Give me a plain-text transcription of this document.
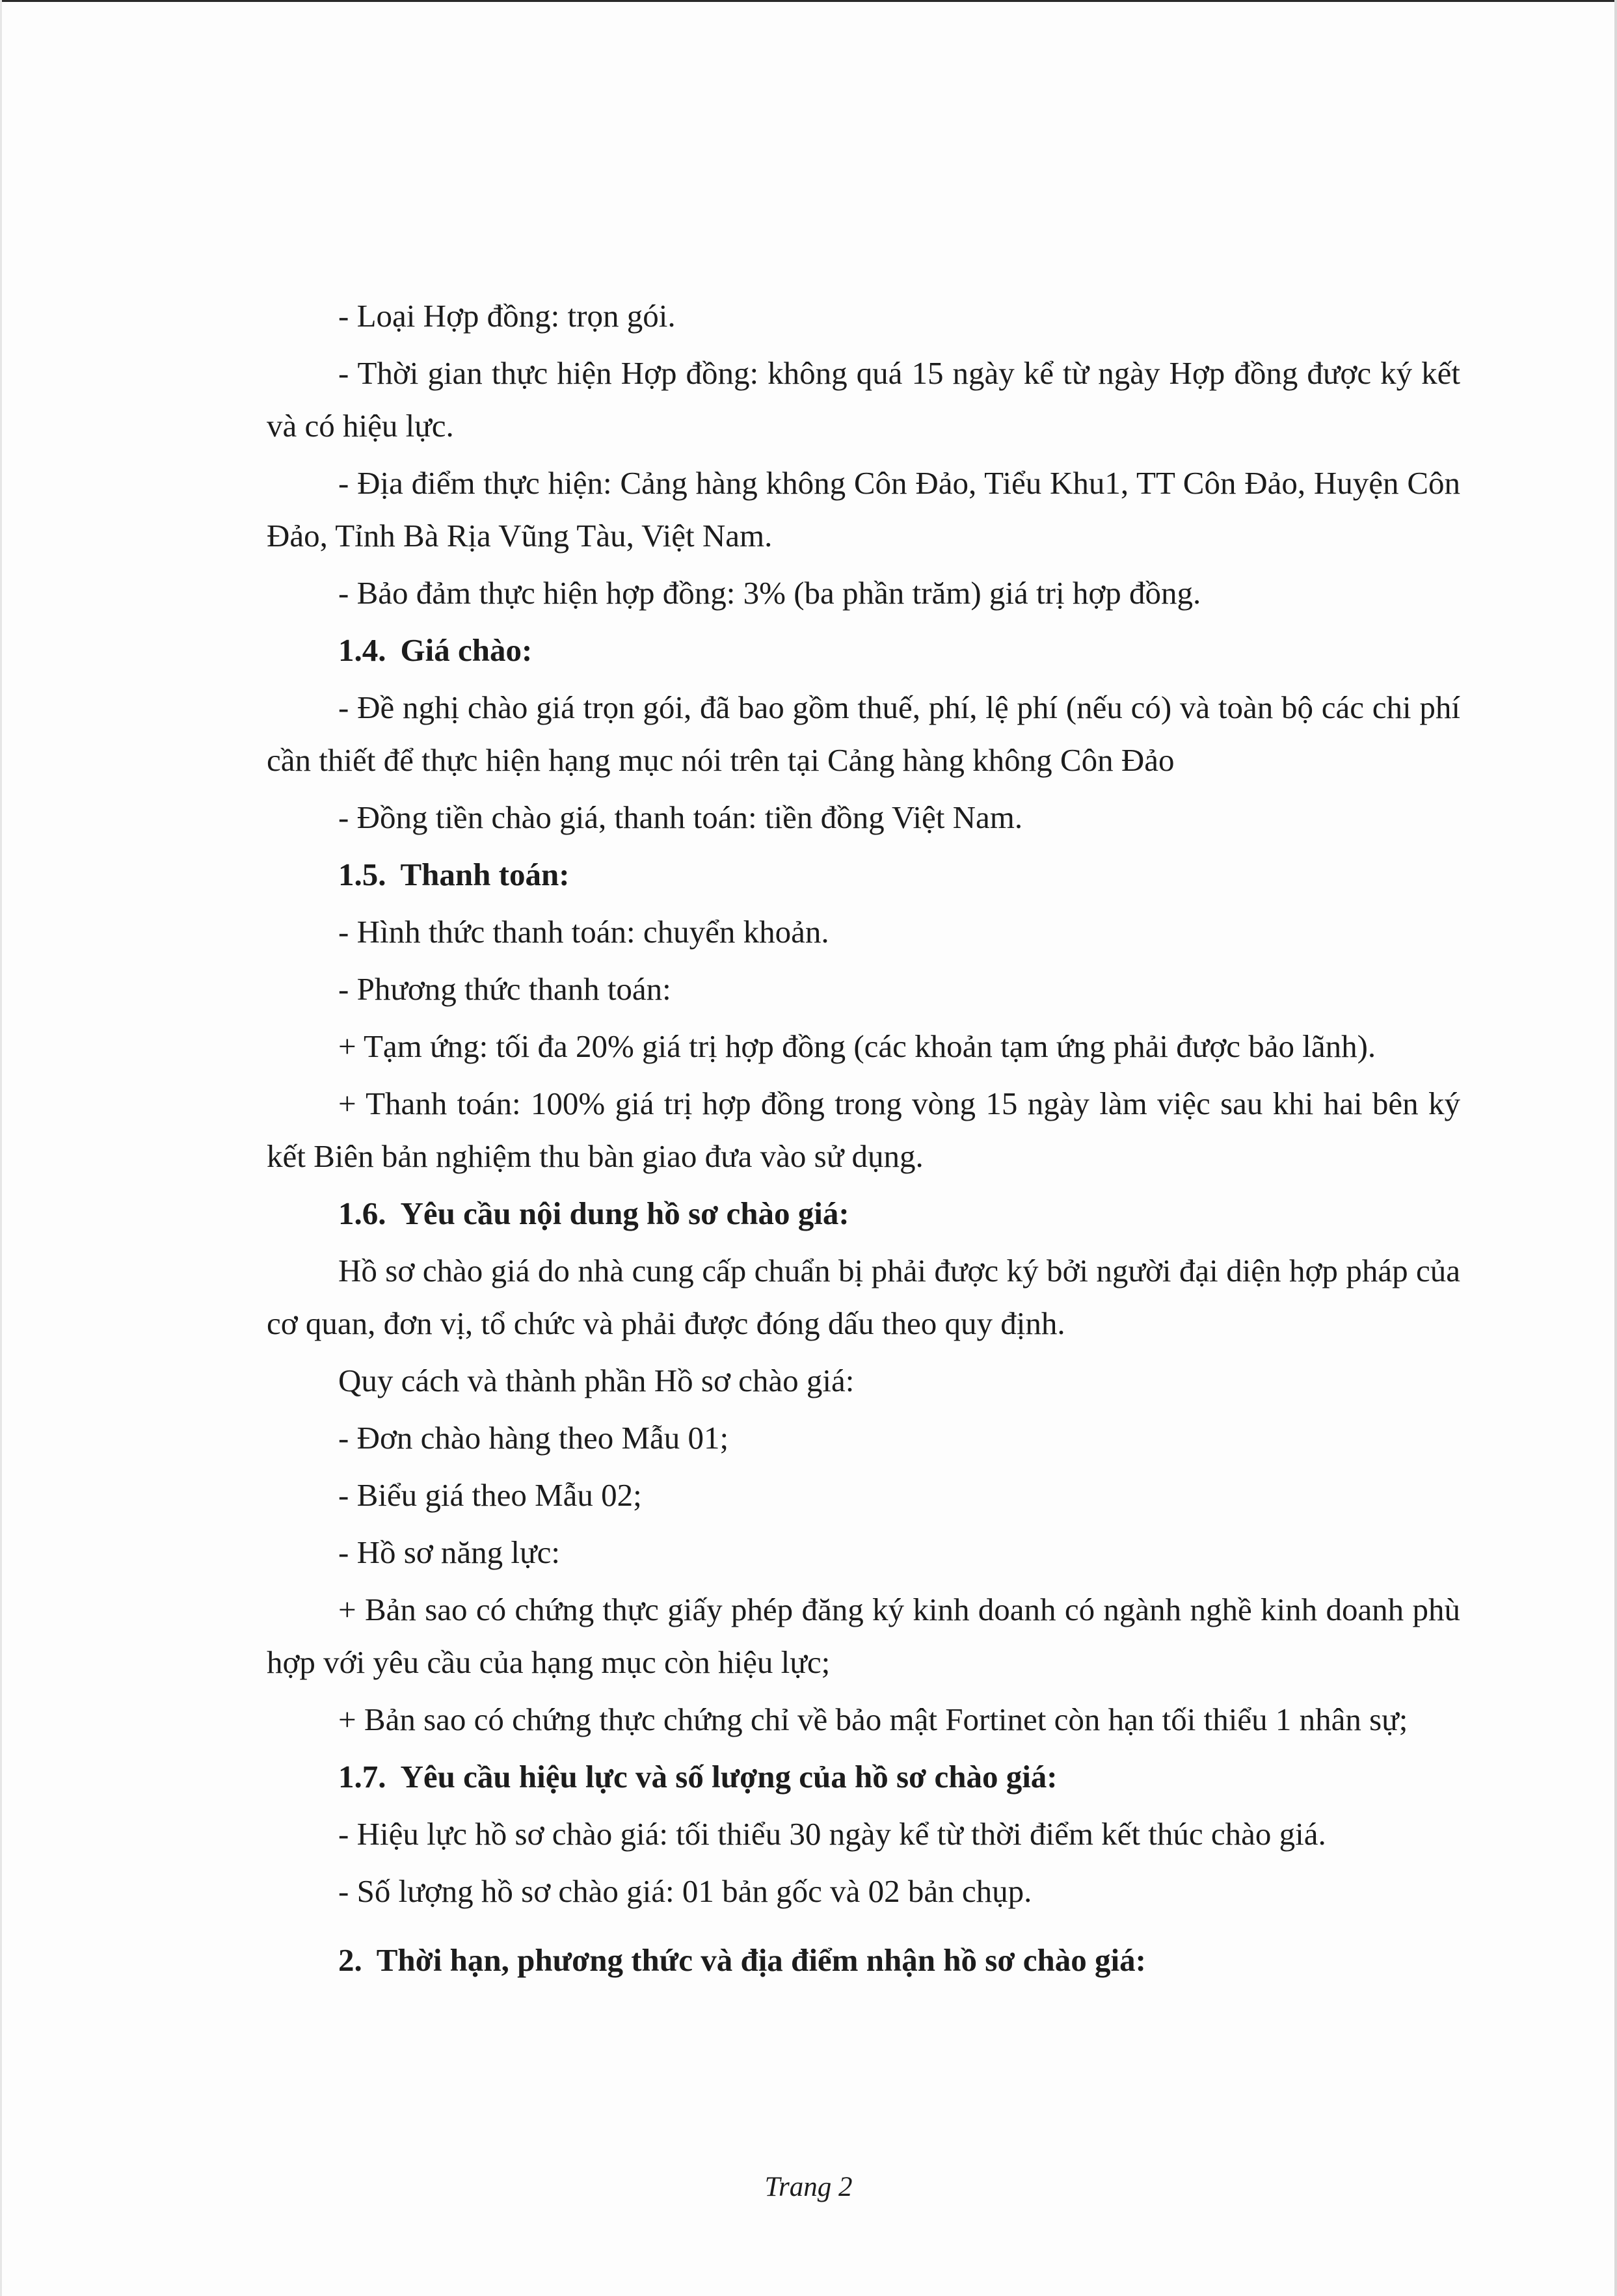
- Loại Hợp đồng: trọn gói.

- Thời gian thực hiện Hợp đồng: không quá 15 ngày kể từ ngày Hợp đồng được ký kết và có hiệu lực.

- Địa điểm thực hiện: Cảng hàng không Côn Đảo, Tiểu Khu1, TT Côn Đảo, Huyện Côn Đảo, Tỉnh Bà Rịa Vũng Tàu, Việt Nam.

- Bảo đảm thực hiện hợp đồng: 3% (ba phần trăm) giá trị hợp đồng.

1.4. Giá chào:

- Đề nghị chào giá trọn gói, đã bao gồm thuế, phí, lệ phí (nếu có) và toàn bộ các chi phí cần thiết để thực hiện hạng mục nói trên tại Cảng hàng không Côn Đảo

- Đồng tiền chào giá, thanh toán: tiền đồng Việt Nam.

1.5. Thanh toán:

- Hình thức thanh toán: chuyển khoản.

- Phương thức thanh toán:

+ Tạm ứng: tối đa 20% giá trị hợp đồng (các khoản tạm ứng phải được bảo lãnh).

+ Thanh toán: 100% giá trị hợp đồng trong vòng 15 ngày làm việc sau khi hai bên ký kết Biên bản nghiệm thu bàn giao đưa vào sử dụng.

1.6. Yêu cầu nội dung hồ sơ chào giá:

Hồ sơ chào giá do nhà cung cấp chuẩn bị phải được ký bởi người đại diện hợp pháp của cơ quan, đơn vị, tổ chức và phải được đóng dấu theo quy định.

Quy cách và thành phần Hồ sơ chào giá:

- Đơn chào hàng theo Mẫu 01;

- Biểu giá theo Mẫu 02;

- Hồ sơ năng lực:

+ Bản sao có chứng thực giấy phép đăng ký kinh doanh có ngành nghề kinh doanh phù hợp với yêu cầu của hạng mục còn hiệu lực;

+ Bản sao có chứng thực chứng chỉ về bảo mật Fortinet còn hạn tối thiểu 1 nhân sự;

1.7. Yêu cầu hiệu lực và số lượng của hồ sơ chào giá:

- Hiệu lực hồ sơ chào giá: tối thiểu 30 ngày kể từ thời điểm kết thúc chào giá.

- Số lượng hồ sơ chào giá: 01 bản gốc và 02 bản chụp.

2. Thời hạn, phương thức và địa điểm nhận hồ sơ chào giá:
Trang 2
